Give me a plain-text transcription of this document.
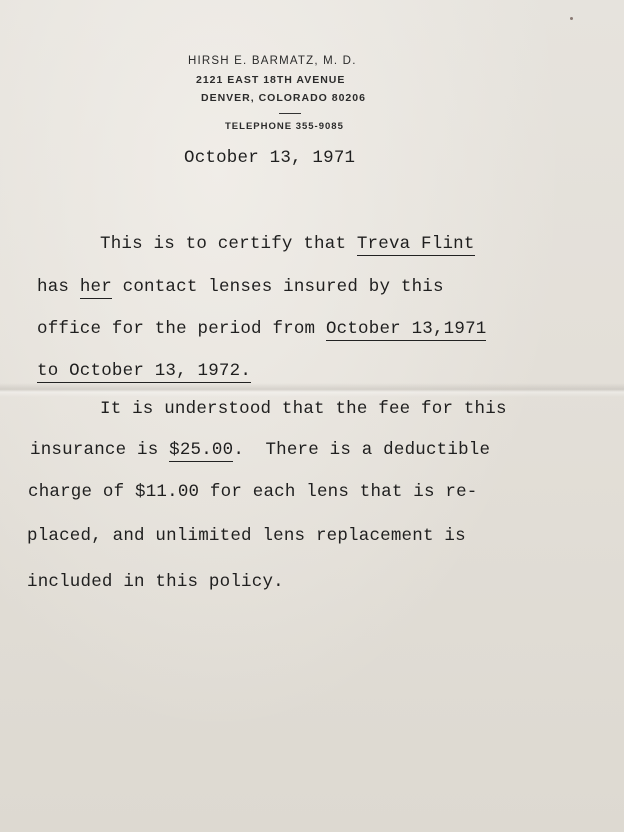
HIRSH E. BARMATZ, M. D.
2121 EAST 18TH AVENUE
DENVER, COLORADO 80206
TELEPHONE 355-9085
October 13, 1971
This is to certify that Treva Flint
has her contact lenses insured by this
office for the period from October 13,1971
to October 13, 1972.
It is understood that the fee for this
insurance is $25.00.  There is a deductible
charge of $11.00 for each lens that is re-
placed, and unlimited lens replacement is
included in this policy.
